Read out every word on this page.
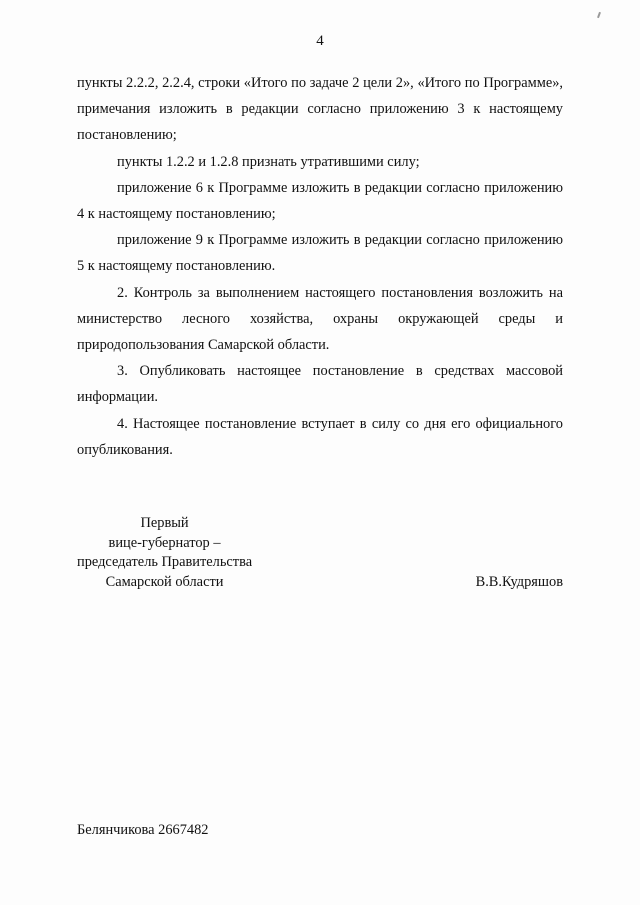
4

пункты 2.2.2, 2.2.4, строки «Итого по задаче 2 цели 2», «Итого по Программе», примечания изложить в редакции согласно приложению 3 к настоящему постановлению;

пункты 1.2.2 и 1.2.8 признать утратившими силу;

приложение 6 к Программе изложить в редакции согласно приложению 4 к настоящему постановлению;

приложение 9 к Программе изложить в редакции согласно приложению 5 к настоящему постановлению.

2. Контроль за выполнением настоящего постановления возложить на министерство лесного хозяйства, охраны окружающей среды и природопользования Самарской области.

3. Опубликовать настоящее постановление в средствах массовой информации.

4. Настоящее постановление вступает в силу со дня его официального опубликования.

Первый
вице-губернатор –
председатель Правительства
Самарской области	В.В.Кудряшов
Белянчикова 2667482
